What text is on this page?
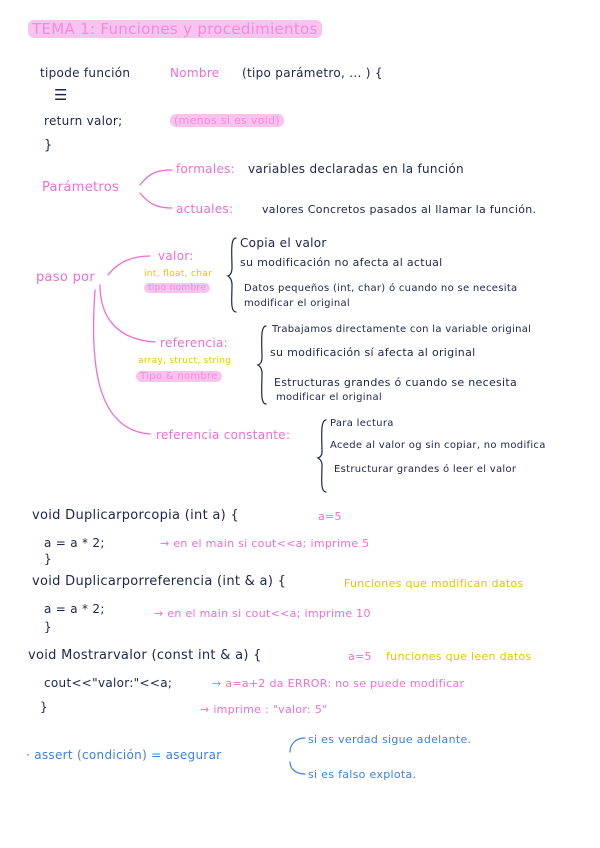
TEMA 1: Funciones y procedimientos
tipode función	Nombre (tipo parámetro, ... ) {
☰
return valor;	(menos si es void)
}
Parámetros
formales: variables declaradas en la función
actuales:	valores Concretos pasados al llamar la función.
paso por
valor:
int, float, char
tipo nombre
Copia el valor
su modificación no afecta al actual
Datos pequeños (int, char) ó cuando no se necesita
modificar el original
referencia:
array, struct, string
Tipo & nombre
Trabajamos directamente con la variable original
su modificación sí afecta al original
Estructuras grandes ó cuando se necesita
modificar el original
referencia constante:
Para lectura
Acede al valor og sin copiar, no modifica
Estructurar grandes ó leer el valor
void Duplicarporcopia (int a) {	a=5
a = a * 2;	→ en el main si cout<<a; imprime 5
}
void Duplicarporreferencia (int & a) {	Funciones que modifican datos
a = a * 2;	→ en el main si cout<<a; imprime 10
}
void Mostrarvalor (const int & a) {	a=5 funciones que leen datos
cout<<"valor:"<<a;	→ a=a+2 da ERROR: no se puede modificar
}	→ imprime : "valor: 5"
· assert (condición) = asegurar
si es verdad sigue adelante.
si es falso explota.
